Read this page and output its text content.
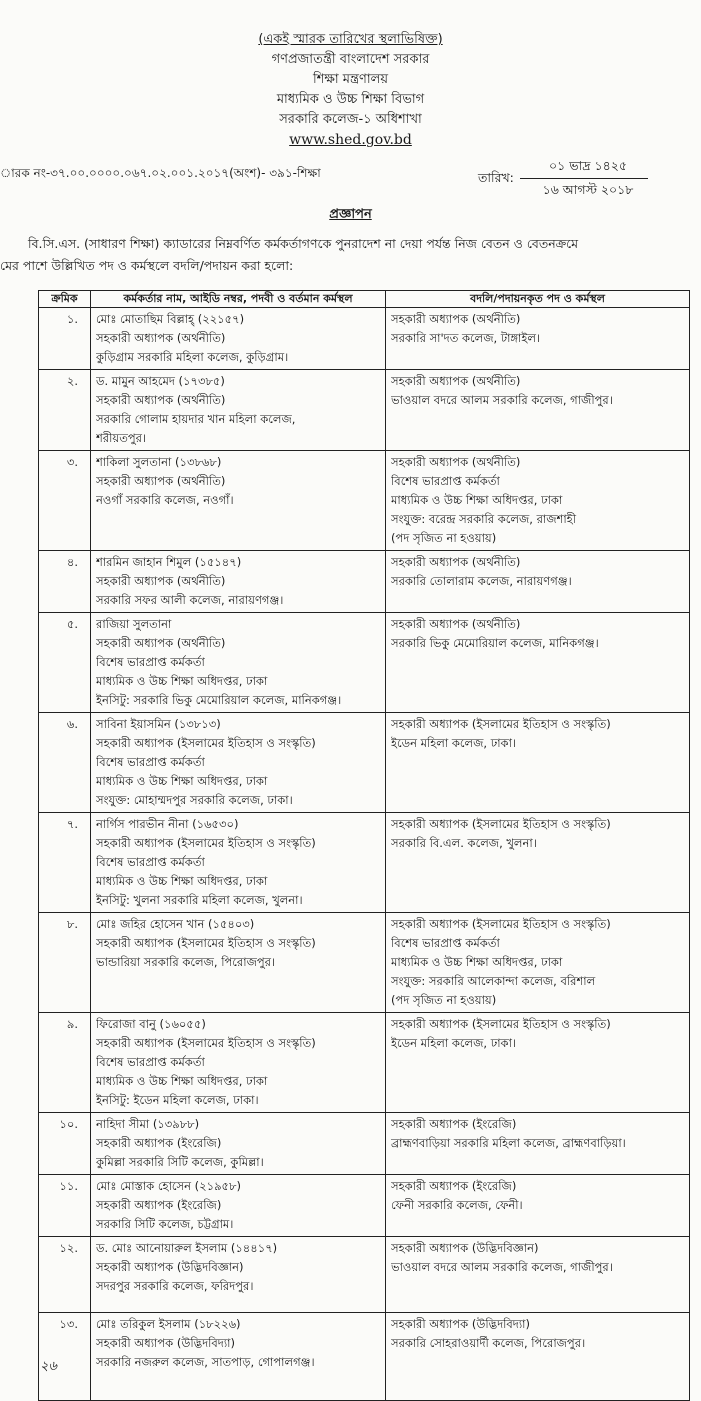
(একই স্মারক তারিখের স্থলাভিষিক্ত)
গণপ্রজাতন্ত্রী বাংলাদেশ সরকার
শিক্ষা মন্ত্রণালয়
মাধ্যমিক ও উচ্চ শিক্ষা বিভাগ
সরকারি কলেজ-১ অধিশাখা
www.shed.gov.bd
ারক নং-৩৭.০০.০০০০.০৬৭.০২.০০১.২০১৭(অংশ)- ৩৯১-শিক্ষা	০১ ভাদ্র ১৪২৫
তারিখ:
১৬ আগস্ট ২০১৮
প্রজ্ঞাপন
বি.সি.এস. (সাধারণ শিক্ষা) ক্যাডারের নিম্নবর্ণিত কর্মকর্তাগণকে পুনরাদেশ না দেয়া পর্যন্ত নিজ বেতন ও বেতনক্রমে
মের পাশে উল্লিখিত পদ ও কর্মস্থলে বদলি/পদায়ন করা হলো:
ক্রমিক	কর্মকর্তার নাম, আইডি নম্বর, পদবী ও বর্তমান কর্মস্থল	বদলি/পদায়নকৃত পদ ও কর্মস্থল
১.	মোঃ মোতাছিম বিল্লাহ্ (২২১৫৭)
সহকারী অধ্যাপক (অর্থনীতি)
কুড়িগ্রাম সরকারি মহিলা কলেজ, কুড়িগ্রাম।	সহকারী অধ্যাপক (অর্থনীতি)
সরকারি সা'দত কলেজ, টাঙ্গাইল।

২.	ড. মামুন আহমেদ (১৭৩৮৫)
সহকারী অধ্যাপক (অর্থনীতি)
সরকারি গোলাম হায়দার খান মহিলা কলেজ,
শরীয়তপুর।	সহকারী অধ্যাপক (অর্থনীতি)
ভাওয়াল বদরে আলম সরকারি কলেজ, গাজীপুর।

৩.	শাকিলা সুলতানা (১৩৮৬৮)
সহকারী অধ্যাপক (অর্থনীতি)
নওগাঁ সরকারি কলেজ, নওগাঁ।	সহকারী অধ্যাপক (অর্থনীতি)
বিশেষ ভারপ্রাপ্ত কর্মকর্তা
মাধ্যমিক ও উচ্চ শিক্ষা অধিদপ্তর, ঢাকা
সংযুক্ত: বরেন্দ্র সরকারি কলেজ, রাজশাহী
(পদ সৃজিত না হওয়ায়)

৪.	শারমিন জাহান শিমুল (১৫১৪৭)
সহকারী অধ্যাপক (অর্থনীতি)
সরকারি সফর আলী কলেজ, নারায়ণগঞ্জ।	সহকারী অধ্যাপক (অর্থনীতি)
সরকারি তোলারাম কলেজ, নারায়ণগঞ্জ।

৫.	রাজিয়া সুলতানা
সহকারী অধ্যাপক (অর্থনীতি)
বিশেষ ভারপ্রাপ্ত কর্মকর্তা
মাধ্যমিক ও উচ্চ শিক্ষা অধিদপ্তর, ঢাকা
ইনসিটু: সরকারি ভিকু মেমোরিয়াল কলেজ, মানিকগঞ্জ।	সহকারী অধ্যাপক (অর্থনীতি)
সরকারি ভিকু মেমোরিয়াল কলেজ, মানিকগঞ্জ।

৬.	সাবিনা ইয়াসমিন (১৩৮১৩)
সহকারী অধ্যাপক (ইসলামের ইতিহাস ও সংস্কৃতি)
বিশেষ ভারপ্রাপ্ত কর্মকর্তা
মাধ্যমিক ও উচ্চ শিক্ষা অধিদপ্তর, ঢাকা
সংযুক্ত: মোহাম্মদপুর সরকারি কলেজ, ঢাকা।	সহকারী অধ্যাপক (ইসলামের ইতিহাস ও সংস্কৃতি)
ইডেন মহিলা কলেজ, ঢাকা।

৭.	নার্গিস পারভীন নীনা (১৬৫৩০)
সহকারী অধ্যাপক (ইসলামের ইতিহাস ও সংস্কৃতি)
বিশেষ ভারপ্রাপ্ত কর্মকর্তা
মাধ্যমিক ও উচ্চ শিক্ষা অধিদপ্তর, ঢাকা
ইনসিটু: খুলনা সরকারি মহিলা কলেজ, খুলনা।	সহকারী অধ্যাপক (ইসলামের ইতিহাস ও সংস্কৃতি)
সরকারি বি.এল. কলেজ, খুলনা।

৮.	মোঃ জহির হোসেন খান (১৫৪০৩)
সহকারী অধ্যাপক (ইসলামের ইতিহাস ও সংস্কৃতি)
ভান্ডারিয়া সরকারি কলেজ, পিরোজপুর।	সহকারী অধ্যাপক (ইসলামের ইতিহাস ও সংস্কৃতি)
বিশেষ ভারপ্রাপ্ত কর্মকর্তা
মাধ্যমিক ও উচ্চ শিক্ষা অধিদপ্তর, ঢাকা
সংযুক্ত: সরকারি আলেকান্দা কলেজ, বরিশাল
(পদ সৃজিত না হওয়ায়)

৯.	ফিরোজা বানু (১৬০৫৫)
সহকারী অধ্যাপক (ইসলামের ইতিহাস ও সংস্কৃতি)
বিশেষ ভারপ্রাপ্ত কর্মকর্তা
মাধ্যমিক ও উচ্চ শিক্ষা অধিদপ্তর, ঢাকা
ইনসিটু: ইডেন মহিলা কলেজ, ঢাকা।	সহকারী অধ্যাপক (ইসলামের ইতিহাস ও সংস্কৃতি)
ইডেন মহিলা কলেজ, ঢাকা।

১০.	নাহিদা সীমা (১৩৯৮৮)
সহকারী অধ্যাপক (ইংরেজি)
কুমিল্লা সরকারি সিটি কলেজ, কুমিল্লা।	সহকারী অধ্যাপক (ইংরেজি)
ব্রাহ্মণবাড়িয়া সরকারি মহিলা কলেজ, ব্রাহ্মণবাড়িয়া।

১১.	মোঃ মোস্তাক হোসেন (২১৯৫৮)
সহকারী অধ্যাপক (ইংরেজি)
সরকারি সিটি কলেজ, চট্টগ্রাম।	সহকারী অধ্যাপক (ইংরেজি)
ফেনী সরকারি কলেজ, ফেনী।

১২.	ড. মোঃ আনোয়ারুল ইসলাম (১৪৪১৭)
সহকারী অধ্যাপক (উদ্ভিদবিজ্ঞান)
সদরপুর সরকারি কলেজ, ফরিদপুর।	সহকারী অধ্যাপক (উদ্ভিদবিজ্ঞান)
ভাওয়াল বদরে আলম সরকারি কলেজ, গাজীপুর।

১৩.	মোঃ তরিকুল ইসলাম (১৮২২৬)
সহকারী অধ্যাপক (উদ্ভিদবিদ্যা)
সরকারি নজরুল কলেজ, সাতপাড়, গোপালগঞ্জ।	সহকারী অধ্যাপক (উদ্ভিদবিদ্যা)
সরকারি সোহরাওয়ার্দী কলেজ, পিরোজপুর।
২৬
